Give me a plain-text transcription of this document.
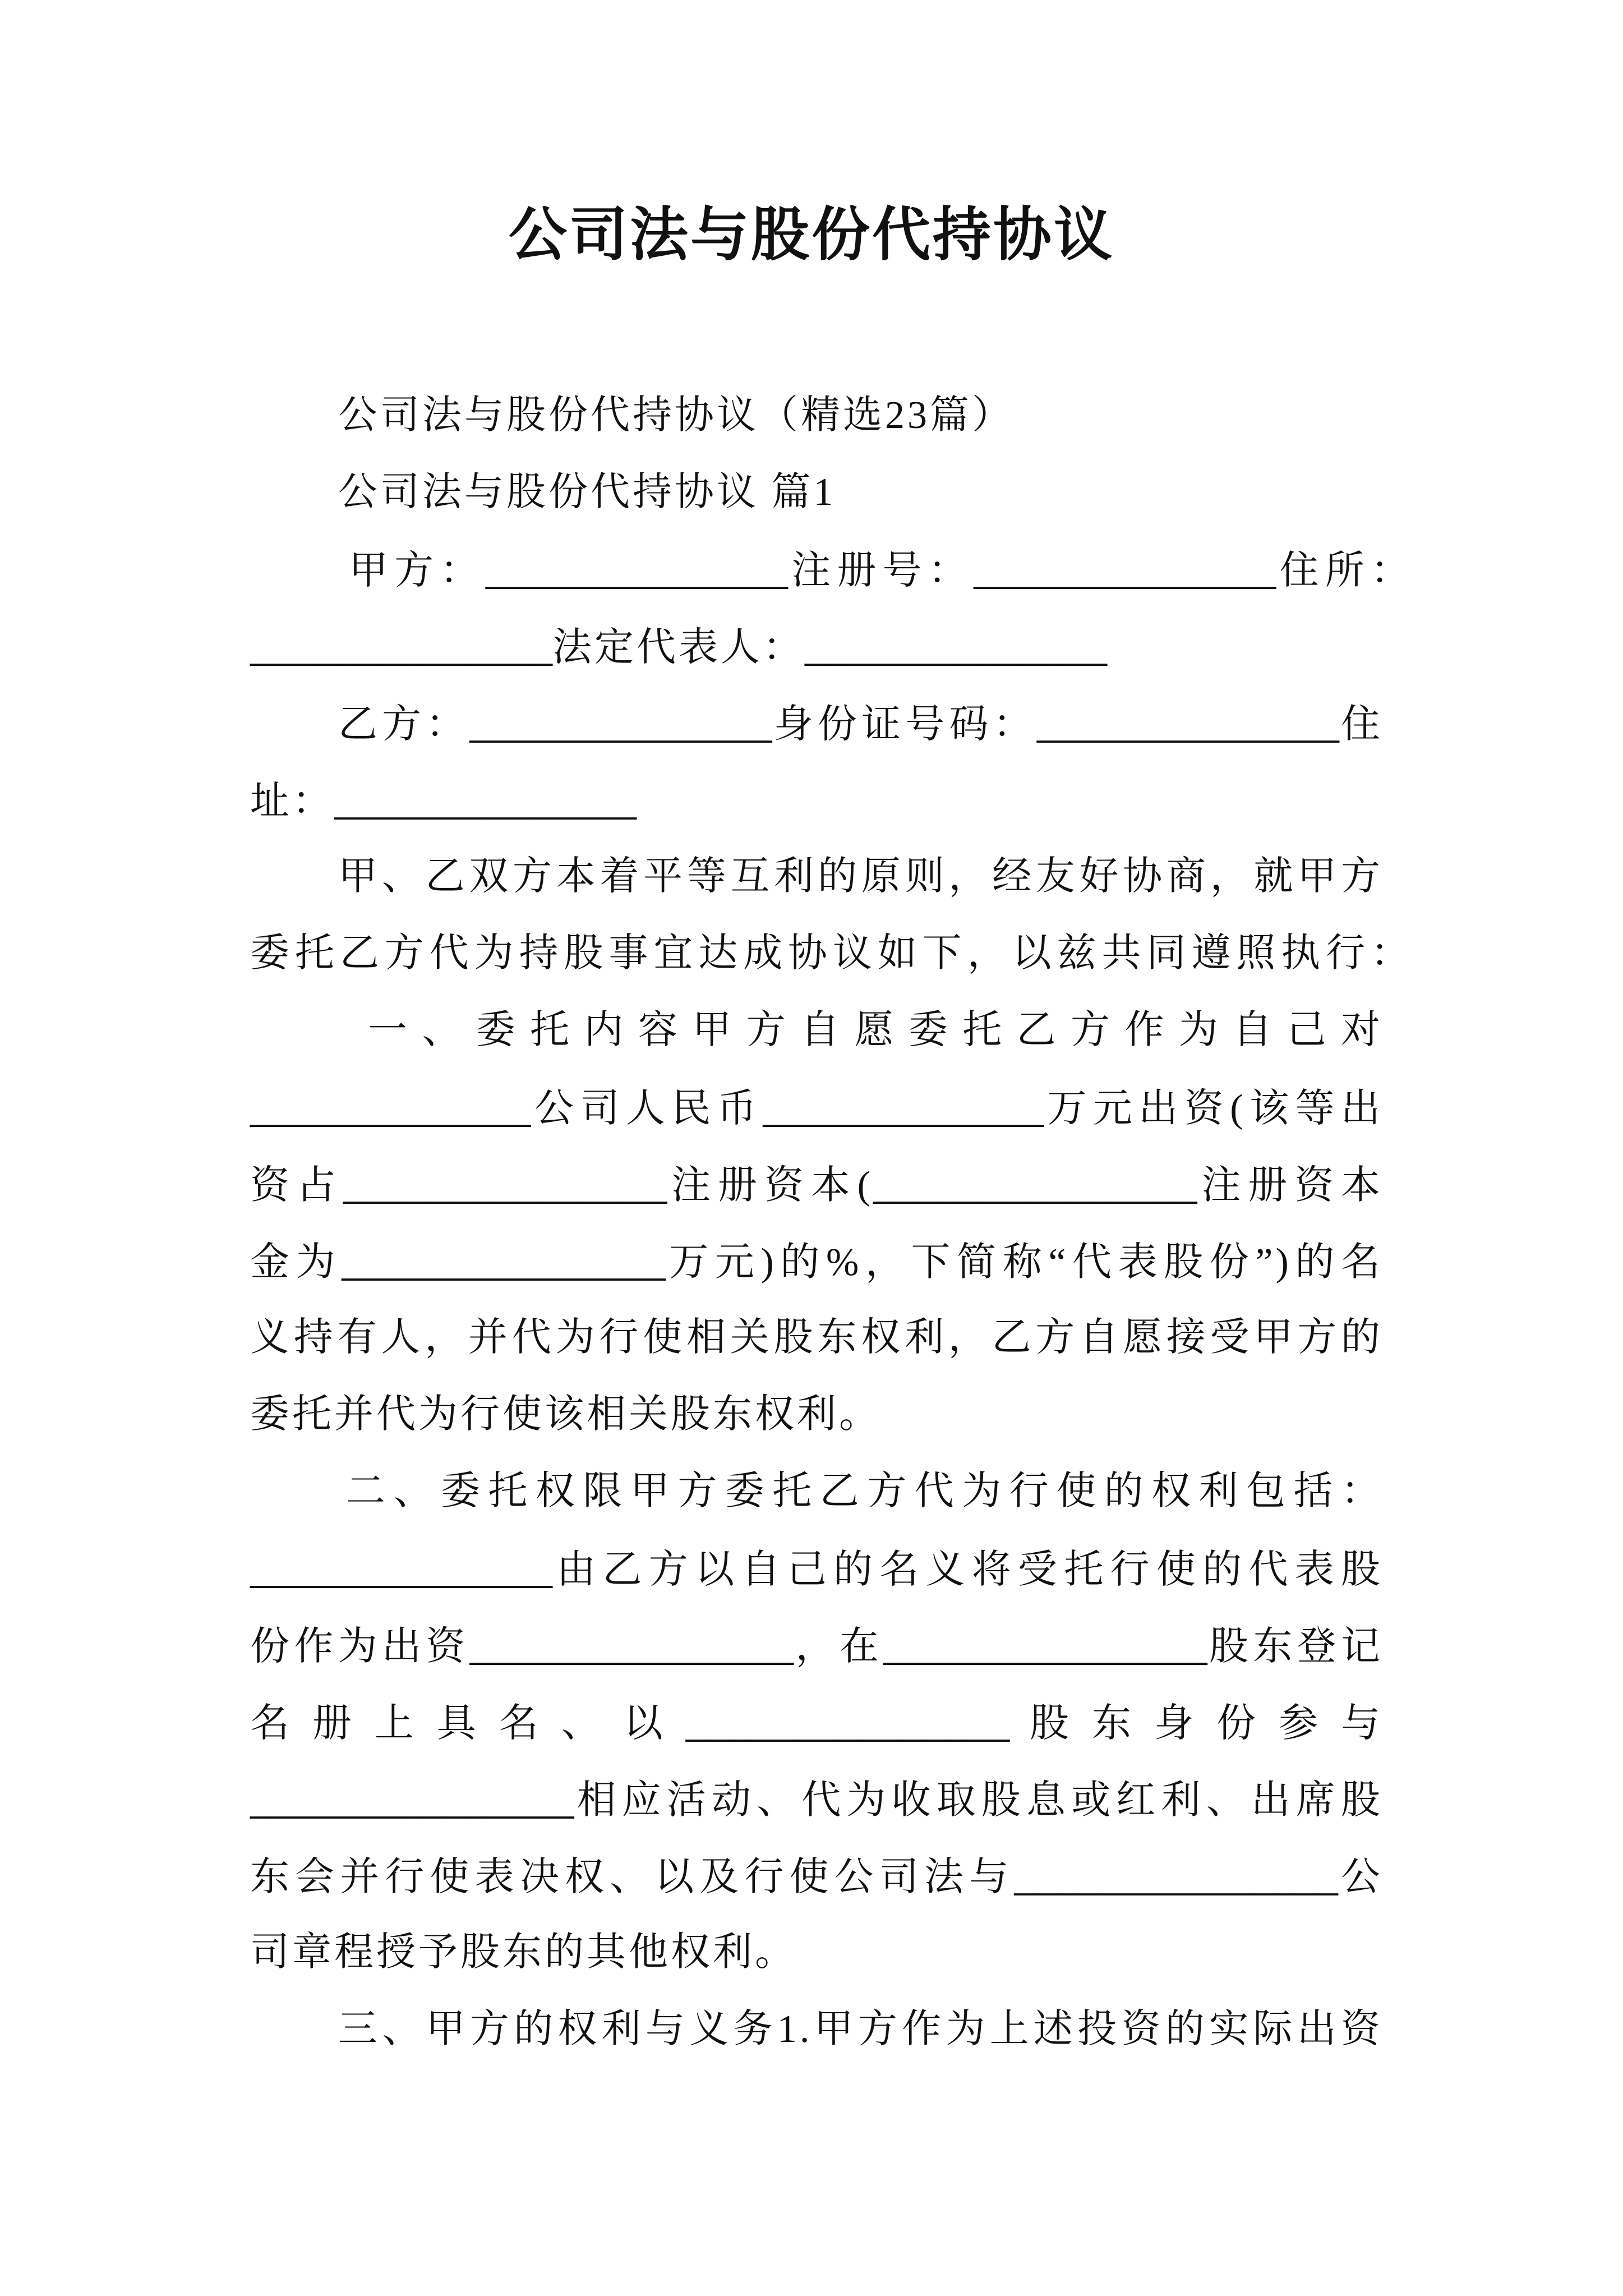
公司法与股份代持协议
公司法与股份代持协议（精选23篇）
公司法与股份代持协议 篇1
甲方：______________注册号：______________住所：
______________法定代表人：______________
乙方：______________身份证号码：______________住
址：______________
甲、乙双方本着平等互利的原则，经友好协商，就甲方
委托乙方代为持股事宜达成协议如下，以兹共同遵照执行：
一、委托内容甲方自愿委托乙方作为自己对
_____________公司人民币_____________万元出资(该等出
资占_______________注册资本(_______________注册资本
金为_______________万元)的%，下简称“代表股份”)的名
义持有人，并代为行使相关股东权利，乙方自愿接受甲方的
委托并代为行使该相关股东权利。
二、委托权限甲方委托乙方代为行使的权利包括：
______________由乙方以自己的名义将受托行使的代表股
份作为出资_______________，在_______________股东登记
名册上具名、以_______________股东身份参与
_______________相应活动、代为收取股息或红利、出席股
东会并行使表决权、以及行使公司法与_______________公
司章程授予股东的其他权利。
三、甲方的权利与义务1.甲方作为上述投资的实际出资
